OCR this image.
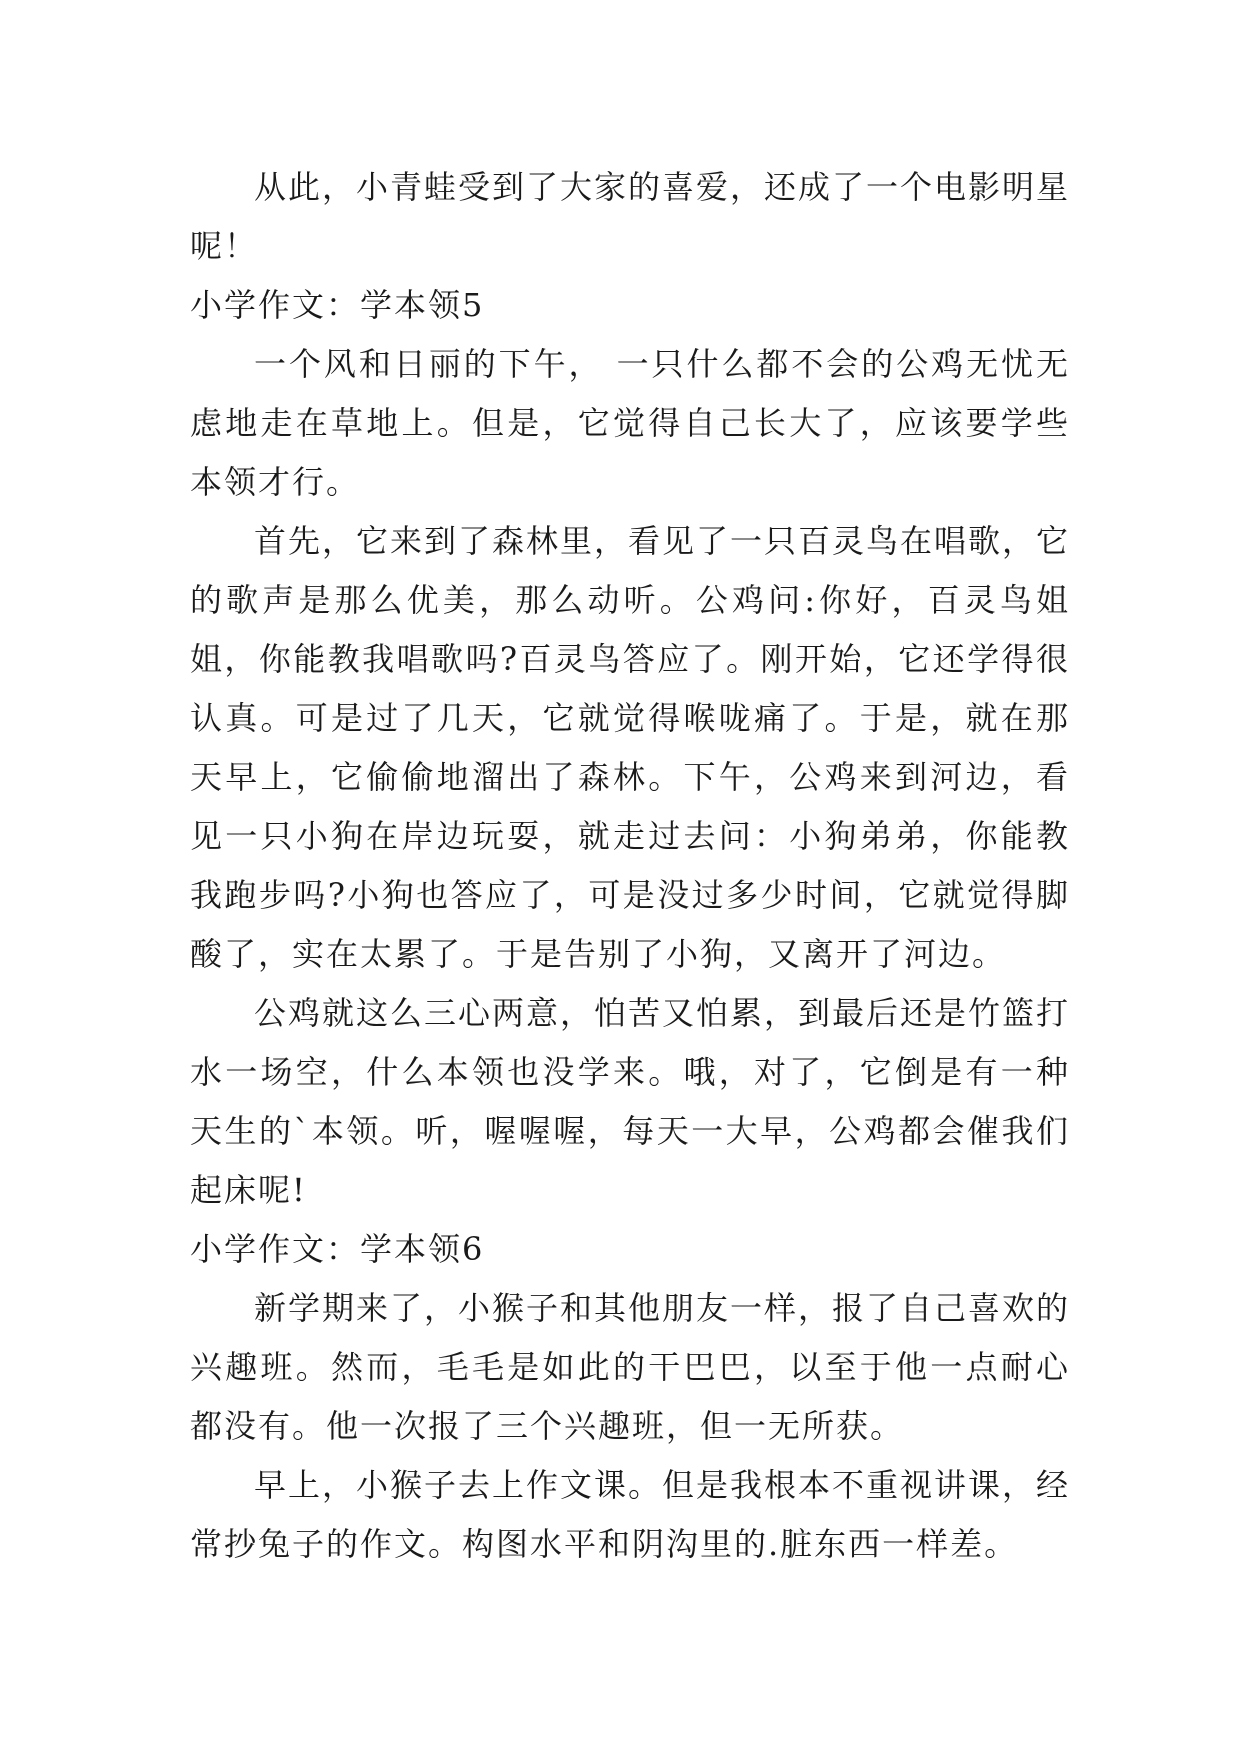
从此，小青蛙受到了大家的喜爱，还成了一个电影明星呢！

小学作文：学本领5

一个风和日丽的下午， 一只什么都不会的公鸡无忧无虑地走在草地上。但是，它觉得自己长大了，应该要学些本领才行。

首先，它来到了森林里，看见了一只百灵鸟在唱歌，它的歌声是那么优美，那么动听。公鸡问:你好，百灵鸟姐姐，你能教我唱歌吗?百灵鸟答应了。刚开始，它还学得很认真。可是过了几天，它就觉得喉咙痛了。于是，就在那天早上，它偷偷地溜出了森林。下午，公鸡来到河边，看见一只小狗在岸边玩耍，就走过去问：小狗弟弟，你能教我跑步吗?小狗也答应了，可是没过多少时间，它就觉得脚酸了，实在太累了。于是告别了小狗，又离开了河边。

公鸡就这么三心两意，怕苦又怕累，到最后还是竹篮打水一场空，什么本领也没学来。哦，对了，它倒是有一种天生的`本领。听，喔喔喔，每天一大早，公鸡都会催我们起床呢!

小学作文：学本领6

新学期来了，小猴子和其他朋友一样，报了自己喜欢的兴趣班。然而，毛毛是如此的干巴巴，以至于他一点耐心都没有。他一次报了三个兴趣班，但一无所获。

早上，小猴子去上作文课。但是我根本不重视讲课，经常抄兔子的作文。构图水平和阴沟里的.脏东西一样差。
